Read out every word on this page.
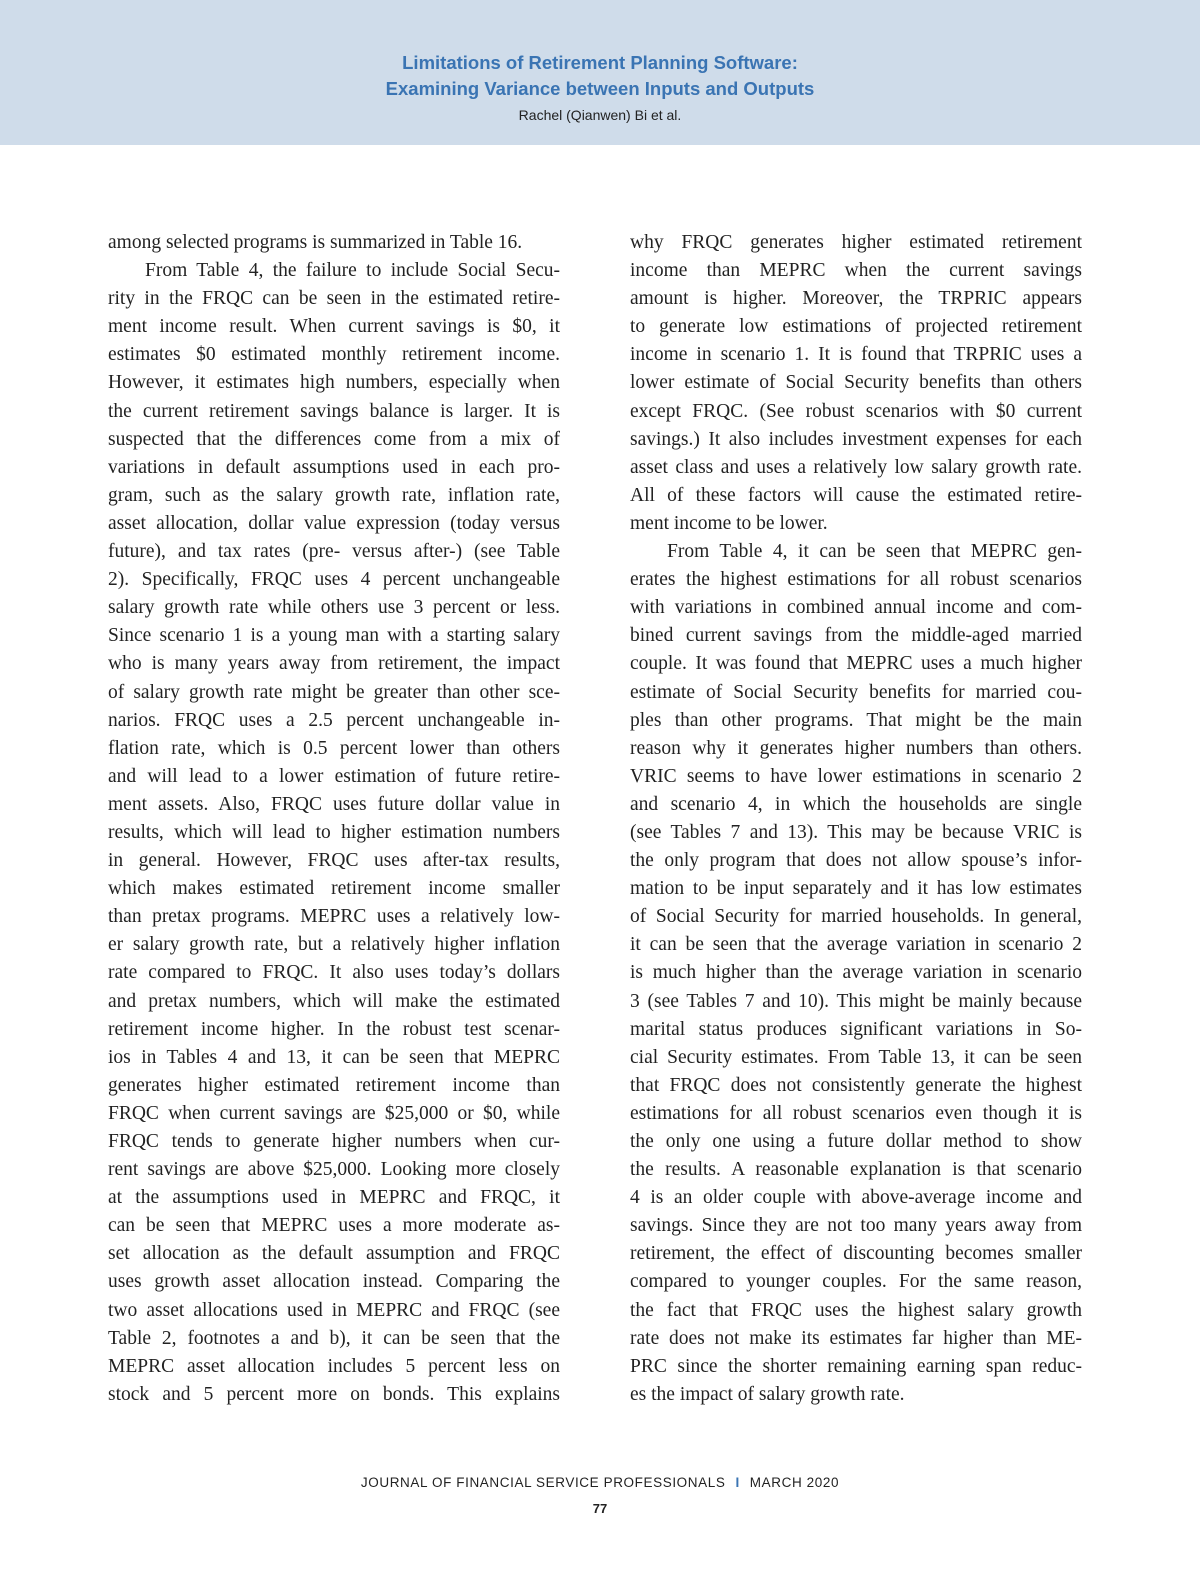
Limitations of Retirement Planning Software:
Examining Variance between Inputs and Outputs
Rachel (Qianwen) Bi et al.
among selected programs is summarized in Table 16.
From Table 4, the failure to include Social Secu-
rity in the FRQC can be seen in the estimated retire-
ment income result. When current savings is $0, it
estimates $0 estimated monthly retirement income.
However, it estimates high numbers, especially when
the current retirement savings balance is larger. It is
suspected that the differences come from a mix of
variations in default assumptions used in each pro-
gram, such as the salary growth rate, inflation rate,
asset allocation, dollar value expression (today versus
future), and tax rates (pre- versus after-) (see Table
2). Specifically, FRQC uses 4 percent unchangeable
salary growth rate while others use 3 percent or less.
Since scenario 1 is a young man with a starting salary
who is many years away from retirement, the impact
of salary growth rate might be greater than other sce-
narios. FRQC uses a 2.5 percent unchangeable in-
flation rate, which is 0.5 percent lower than others
and will lead to a lower estimation of future retire-
ment assets. Also, FRQC uses future dollar value in
results, which will lead to higher estimation numbers
in general. However, FRQC uses after-tax results,
which makes estimated retirement income smaller
than pretax programs. MEPRC uses a relatively low-
er salary growth rate, but a relatively higher inflation
rate compared to FRQC. It also uses today’s dollars
and pretax numbers, which will make the estimated
retirement income higher. In the robust test scenar-
ios in Tables 4 and 13, it can be seen that MEPRC
generates higher estimated retirement income than
FRQC when current savings are $25,000 or $0, while
FRQC tends to generate higher numbers when cur-
rent savings are above $25,000. Looking more closely
at the assumptions used in MEPRC and FRQC, it
can be seen that MEPRC uses a more moderate as-
set allocation as the default assumption and FRQC
uses growth asset allocation instead. Comparing the
two asset allocations used in MEPRC and FRQC (see
Table 2, footnotes a and b), it can be seen that the
MEPRC asset allocation includes 5 percent less on
stock and 5 percent more on bonds. This explains
why FRQC generates higher estimated retirement
income than MEPRC when the current savings
amount is higher. Moreover, the TRPRIC appears
to generate low estimations of projected retirement
income in scenario 1. It is found that TRPRIC uses a
lower estimate of Social Security benefits than others
except FRQC. (See robust scenarios with $0 current
savings.) It also includes investment expenses for each
asset class and uses a relatively low salary growth rate.
All of these factors will cause the estimated retire-
ment income to be lower.
From Table 4, it can be seen that MEPRC gen-
erates the highest estimations for all robust scenarios
with variations in combined annual income and com-
bined current savings from the middle-aged married
couple. It was found that MEPRC uses a much higher
estimate of Social Security benefits for married cou-
ples than other programs. That might be the main
reason why it generates higher numbers than others.
VRIC seems to have lower estimations in scenario 2
and scenario 4, in which the households are single
(see Tables 7 and 13). This may be because VRIC is
the only program that does not allow spouse’s infor-
mation to be input separately and it has low estimates
of Social Security for married households. In general,
it can be seen that the average variation in scenario 2
is much higher than the average variation in scenario
3 (see Tables 7 and 10). This might be mainly because
marital status produces significant variations in So-
cial Security estimates. From Table 13, it can be seen
that FRQC does not consistently generate the highest
estimations for all robust scenarios even though it is
the only one using a future dollar method to show
the results. A reasonable explanation is that scenario
4 is an older couple with above-average income and
savings. Since they are not too many years away from
retirement, the effect of discounting becomes smaller
compared to younger couples. For the same reason,
the fact that FRQC uses the highest salary growth
rate does not make its estimates far higher than ME-
PRC since the shorter remaining earning span reduc-
es the impact of salary growth rate.
JOURNAL OF FINANCIAL SERVICE PROFESSIONALS I MARCH 2020
77
